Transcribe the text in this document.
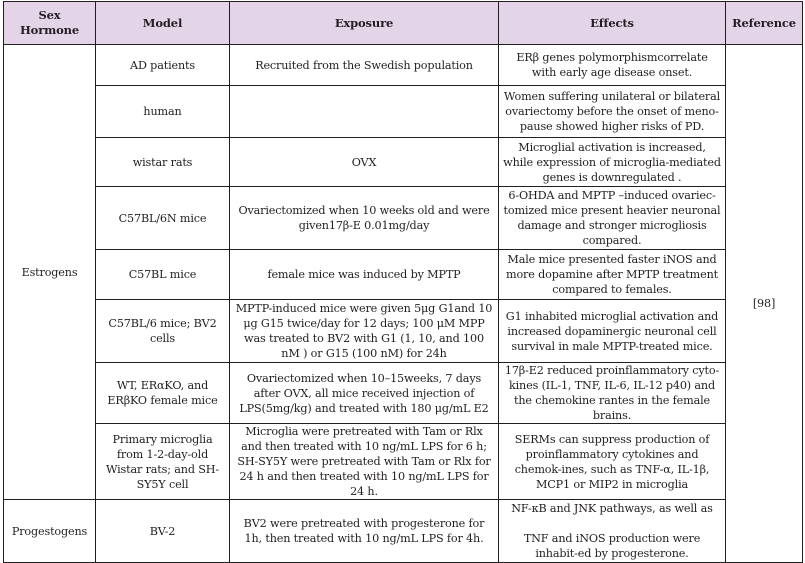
Sex Hormone	Model	Exposure	Effects	Reference
Estrogens	AD patients	Recruited from the Swedish population	ERβ genes polymorphismcorrelate with early age disease onset.	[98]
	human		Women suffering unilateral or bilateral ovariectomy before the onset of meno-pause showed higher risks of PD.	
	wistar rats	OVX	Microglial activation is increased, while expression of microglia-mediated genes is downregulated .	
	C57BL/6N mice	Ovariectomized when 10 weeks old and were given17β-E 0.01mg/day	6-OHDA and MPTP –induced ovariec-tomized mice present heavier neuronal damage and stronger microgliosis compared.	
	C57BL mice	female mice was induced by MPTP	Male mice presented faster iNOS and more dopamine after MPTP treatment compared to females.	
	C57BL/6 mice; BV2 cells	MPTP-induced mice were given 5μg G1and 10 μg G15 twice/day for 12 days; 100 μM MPP was treated to BV2 with G1 (1, 10, and 100 nM ) or G15 (100 nM) for 24h	G1 inhabited microglial activation and increased dopaminergic neuronal cell survival in male MPTP-treated mice.	
	WT, ERαKO, and ERβKO female mice	Ovariectomized when 10–15weeks, 7 days after OVX, all mice received injection of LPS(5mg/kg) and treated with 180 μg/mL E2	17β-E2 reduced proinflammatory cyto-kines (IL-1, TNF, IL-6, IL-12 p40) and the chemokine rantes in the female brains.	
	Primary microglia from 1-2-day-old Wistar rats; and SH-SY5Y cell	Microglia were pretreated with Tam or Rlx and then treated with 10 ng/mL LPS for 6 h; SH-SY5Y were pretreated with Tam or Rlx for 24 h and then treated with 10 ng/mL LPS for 24 h.	SERMs can suppress production of proinflammatory cytokines and chemok-ines, such as TNF-α, IL-1β, MCP1 or MIP2 in microglia	
Progestogens	BV-2	BV2 were pretreated with progesterone for 1h, then treated with 10 ng/mL LPS for 4h.	NF-κB and JNK pathways, as well as
TNF and iNOS production were inhabit-ed by progesterone.	
